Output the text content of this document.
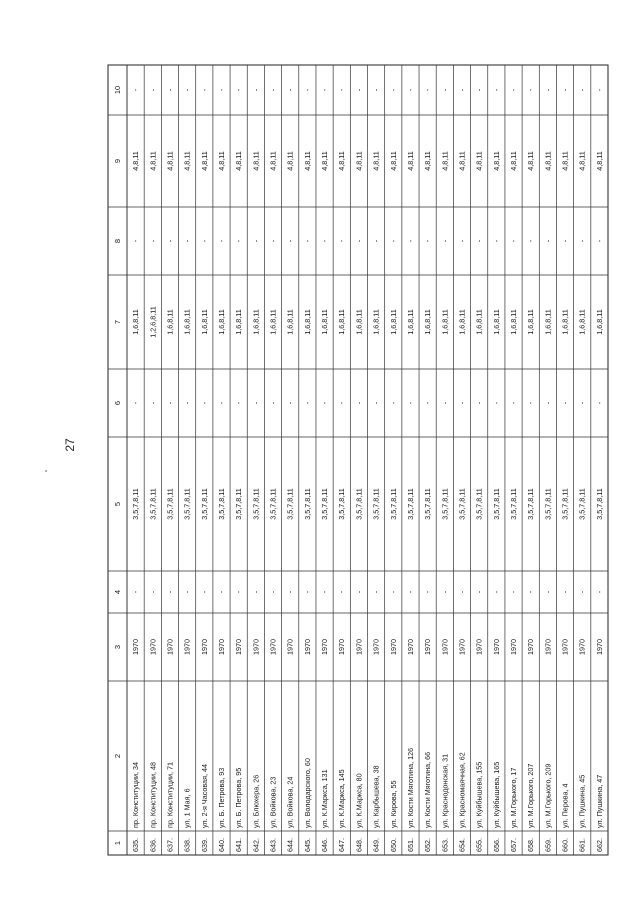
27
1
2
3
4
5
6
7
8
9
10
635.
пр. Конституции, 34
1970
-
3,5,7,8,11
-
1,6,8,11
-
4,8,11
-
636.
пр. Конституции, 48
1970
-
3,5,7,8,11
-
1,2,6,8,11
-
4,8,11
-
637.
пр. Конституции, 71
1970
-
3,5,7,8,11
-
1,6,8,11
-
4,8,11
-
638.
ул. 1 Мая, 6
1970
-
3,5,7,8,11
-
1,6,8,11
-
4,8,11
-
639.
ул. 2-я Часовая, 44
1970
-
3,5,7,8,11
-
1,6,8,11
-
4,8,11
-
640.
ул. Б. Петрова, 93
1970
-
3,5,7,8,11
-
1,6,8,11
-
4,8,11
-
641.
ул. Б. Петрова, 95
1970
-
3,5,7,8,11
-
1,6,8,11
-
4,8,11
-
642.
ул. Блюхера, 26
1970
-
3,5,7,8,11
-
1,6,8,11
-
4,8,11
-
643.
ул. Войкова, 23
1970
-
3,5,7,8,11
-
1,6,8,11
-
4,8,11
-
644.
ул. Войкова, 24
1970
-
3,5,7,8,11
-
1,6,8,11
-
4,8,11
-
645.
ул. Володарского, 60
1970
-
3,5,7,8,11
-
1,6,8,11
-
4,8,11
-
646.
ул. К.Маркса, 131
1970
-
3,5,7,8,11
-
1,6,8,11
-
4,8,11
-
647.
ул. К.Маркса, 145
1970
-
3,5,7,8,11
-
1,6,8,11
-
4,8,11
-
648.
ул. К.Маркса, 80
1970
-
3,5,7,8,11
-
1,6,8,11
-
4,8,11
-
649.
ул. Карбышева, 38
1970
-
3,5,7,8,11
-
1,6,8,11
-
4,8,11
-
650.
ул. Кирова, 55
1970
-
3,5,7,8,11
-
1,6,8,11
-
4,8,11
-
651.
ул. Кости Мяготина, 126
1970
-
3,5,7,8,11
-
1,6,8,11
-
4,8,11
-
652.
ул. Кости Мяготина, 66
1970
-
3,5,7,8,11
-
1,6,8,11
-
4,8,11
-
653.
ул. Краснодонская, 31
1970
-
3,5,7,8,11
-
1,6,8,11
-
4,8,11
-
654.
ул. Красномаячная, 62
1970
-
3,5,7,8,11
-
1,6,8,11
-
4,8,11
-
655.
ул. Куйбышева, 155
1970
-
3,5,7,8,11
-
1,6,8,11
-
4,8,11
-
656.
ул. Куйбышева, 165
1970
-
3,5,7,8,11
-
1,6,8,11
-
4,8,11
-
657.
ул. М.Горького, 17
1970
-
3,5,7,8,11
-
1,6,8,11
-
4,8,11
-
658.
ул. М.Горького, 207
1970
-
3,5,7,8,11
-
1,6,8,11
-
4,8,11
-
659.
ул. М.Горького, 209
1970
-
3,5,7,8,11
-
1,6,8,11
-
4,8,11
-
660.
ул. Перова, 4
1970
-
3,5,7,8,11
-
1,6,8,11
-
4,8,11
-
661.
ул. Пушкина, 45
1970
-
3,5,7,8,11
-
1,6,8,11
-
4,8,11
-
662.
ул. Пушкина, 47
1970
-
3,5,7,8,11
-
1,6,8,11
-
4,8,11
-
